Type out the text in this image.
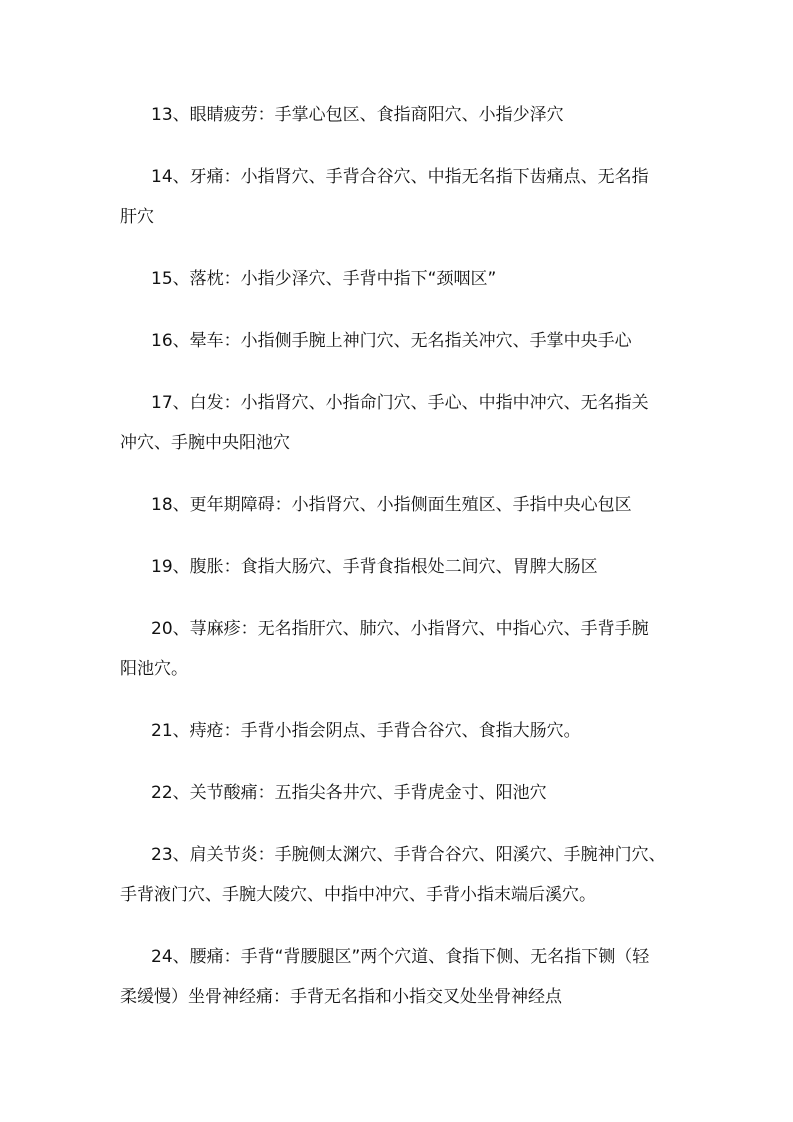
13、眼睛疲劳：手掌心包区、食指商阳穴、小指少泽穴

14、牙痛：小指肾穴、手背合谷穴、中指无名指下齿痛点、无名指
肝穴

15、落枕：小指少泽穴、手背中指下“颈咽区”

16、晕车：小指侧手腕上神门穴、无名指关冲穴、手掌中央手心

17、白发：小指肾穴、小指命门穴、手心、中指中冲穴、无名指关
冲穴、手腕中央阳池穴

18、更年期障碍：小指肾穴、小指侧面生殖区、手指中央心包区

19、腹胀：食指大肠穴、手背食指根处二间穴、胃脾大肠区

20、荨麻疹：无名指肝穴、肺穴、小指肾穴、中指心穴、手背手腕
阳池穴。

21、痔疮：手背小指会阴点、手背合谷穴、食指大肠穴。

22、关节酸痛：五指尖各井穴、手背虎金寸、阳池穴

23、肩关节炎：手腕侧太渊穴、手背合谷穴、阳溪穴、手腕神门穴、
手背液门穴、手腕大陵穴、中指中冲穴、手背小指末端后溪穴。

24、腰痛：手背“背腰腿区”两个穴道、食指下侧、无名指下铡（轻
柔缓慢）坐骨神经痛：手背无名指和小指交叉处坐骨神经点
